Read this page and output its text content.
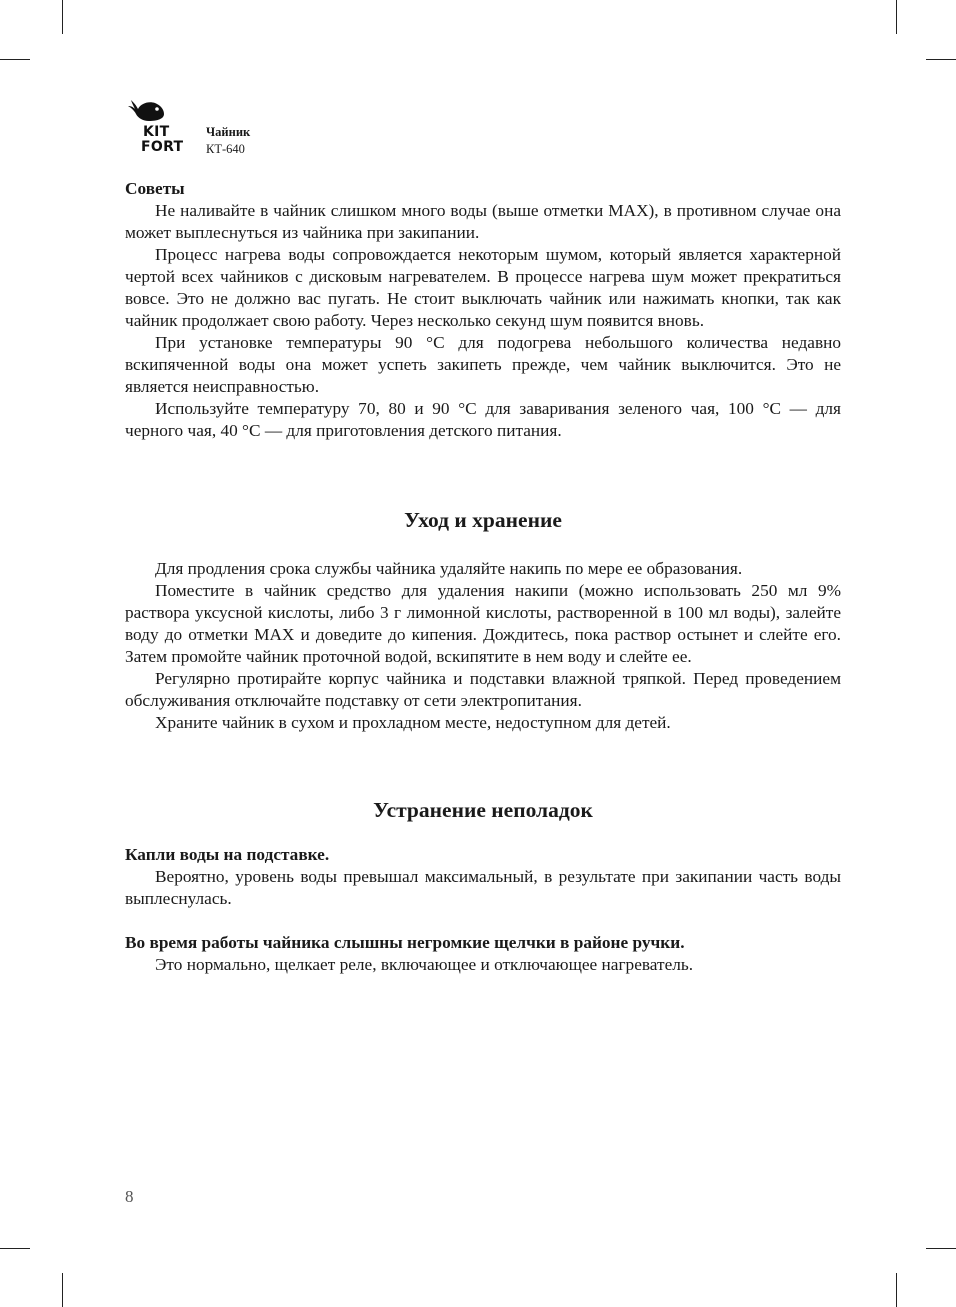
KIT
FORT
Чайник
КТ-640

Советы

Не наливайте в чайник слишком много воды (выше отметки MAX), в противном случае она может выплеснуться из чайника при закипании.

Процесс нагрева воды сопровождается некоторым шумом, который является характерной чертой всех чайников с дисковым нагревателем. В процессе нагрева шум может прекратиться вовсе. Это не должно вас пугать. Не стоит выключать чайник или нажимать кнопки, так как чайник продолжает свою работу. Через несколько секунд шум появится вновь.

При установке температуры 90 °С для подогрева небольшого количества недавно вскипяченной воды она может успеть закипеть прежде, чем чайник выключится. Это не является неисправностью.

Используйте температуру 70, 80 и 90 °С для заваривания зеленого чая, 100 °С — для черного чая, 40 °С — для приготовления детского питания.

Уход и хранение

Для продления срока службы чайника удаляйте накипь по мере ее образования.

Поместите в чайник средство для удаления накипи (можно использовать 250 мл 9% раствора уксусной кислоты, либо 3 г лимонной кислоты, растворенной в 100 мл воды), залейте воду до отметки MAX и доведите до кипения. Дождитесь, пока раствор остынет и слейте его. Затем промойте чайник проточной водой, вскипятите в нем воду и слейте ее.

Регулярно протирайте корпус чайника и подставки влажной тряпкой. Перед проведением обслуживания отключайте подставку от сети электропитания.

Храните чайник в сухом и прохладном месте, недоступном для детей.

Устранение неполадок

Капли воды на подставке.

Вероятно, уровень воды превышал максимальный, в результате при закипании часть воды выплеснулась.

Во время работы чайника слышны негромкие щелчки в районе ручки.

Это нормально, щелкает реле, включающее и отключающее нагреватель.

8
